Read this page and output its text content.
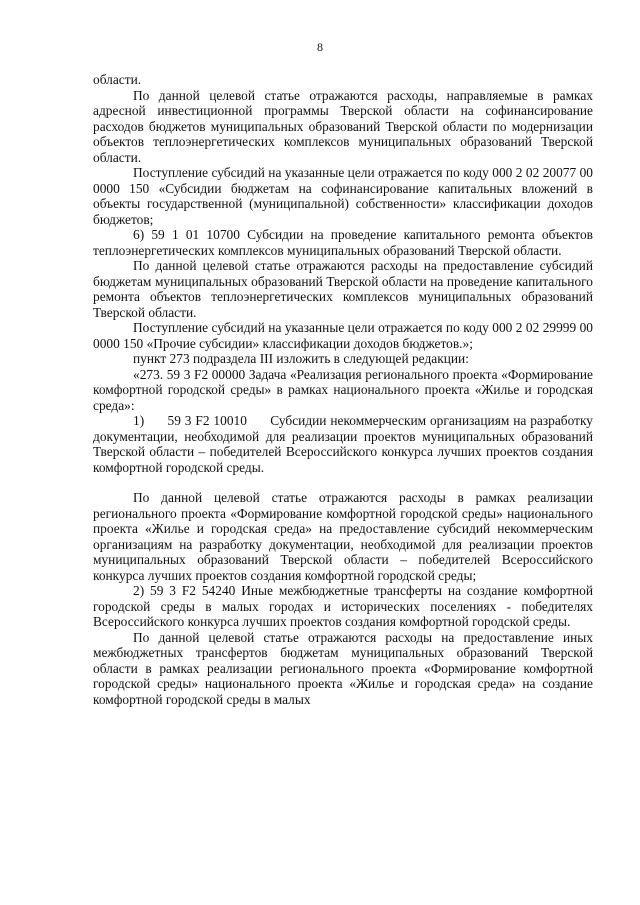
8

области.

По данной целевой статье отражаются расходы, направляемые в рамках адресной инвестиционной программы Тверской области на софинансирование расходов бюджетов муниципальных образований Тверской области по модернизации объектов теплоэнергетических комплексов муниципальных образований Тверской области.

Поступление субсидий на указанные цели отражается по коду 000 2 02 20077 00 0000 150 «Субсидии бюджетам на софинансирование капитальных вложений в объекты государственной (муниципальной) собственности» классификации доходов бюджетов;

6) 59 1 01 10700 Субсидии на проведение капитального ремонта объектов теплоэнергетических комплексов муниципальных образований Тверской области.

По данной целевой статье отражаются расходы на предоставление субсидий бюджетам муниципальных образований Тверской области на проведение капитального ремонта объектов теплоэнергетических комплексов муниципальных образований Тверской области.

Поступление субсидий на указанные цели отражается по коду 000 2 02 29999 00 0000 150 «Прочие субсидии» классификации доходов бюджетов.»;

пункт 273 подраздела III изложить в следующей редакции:

«273. 59 3 F2 00000 Задача «Реализация регионального проекта «Формирование комфортной городской среды» в рамках национального проекта «Жилье и городская среда»:

1)      59 3 F2 10010      Субсидии некоммерческим организациям на разработку документации, необходимой для реализации проектов муниципальных образований Тверской области – победителей Всероссийского конкурса лучших проектов создания комфортной городской среды.

По данной целевой статье отражаются расходы в рамках реализации регионального проекта «Формирование комфортной городской среды» национального проекта «Жилье и городская среда» на предоставление субсидий некоммерческим организациям на разработку документации, необходимой для реализации проектов муниципальных образований Тверской области – победителей Всероссийского конкурса лучших проектов создания комфортной городской среды;

2) 59 3 F2 54240 Иные межбюджетные трансферты на создание комфортной городской среды в малых городах и исторических поселениях - победителях Всероссийского конкурса лучших проектов создания комфортной городской среды.

По данной целевой статье отражаются расходы на предоставление иных межбюджетных трансфертов бюджетам муниципальных образований Тверской области в рамках реализации регионального проекта «Формирование комфортной городской среды» национального проекта «Жилье и городская среда» на создание комфортной городской среды в малых
